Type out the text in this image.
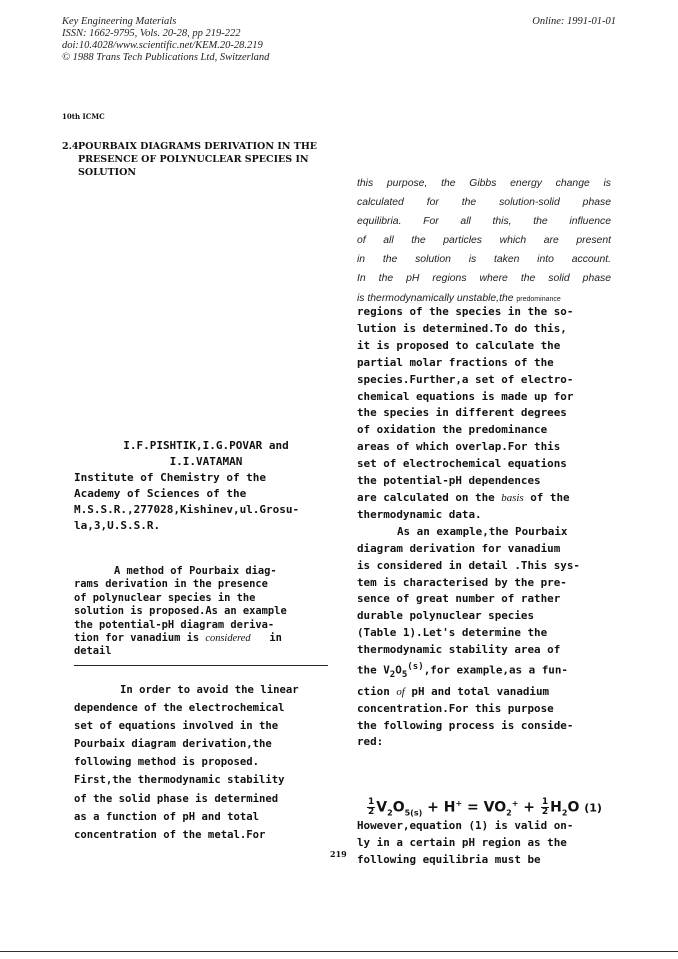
Key Engineering Materials
ISSN: 1662-9795, Vols. 20-28, pp 219-222
doi:10.4028/www.scientific.net/KEM.20-28.219
© 1988 Trans Tech Publications Ltd, Switzerland
Online: 1991-01-01
10th ICMC
2.4.POURBAIX DIAGRAMS DERIVATION IN THE
PRESENCE OF POLYNUCLEAR SPECIES IN
SOLUTION
I.F.PISHTIK,I.G.POVAR and
I.I.VATAMAN
Institute of Chemistry of the
Academy of Sciences of the
M.S.S.R.,277028,Kishinev,ul.Grosu-
la,3,U.S.S.R.
A method of Pourbaix diag-
rams derivation in the presence
of polynuclear species in the
solution is proposed.As an example
the potential-pH diagram deriva-
tion for vanadium is considered in
detail
In order to avoid the linear
dependence of the electrochemical
set of equations involved in the
Pourbaix diagram derivation,the
following method is proposed.
First,the thermodynamic stability
of the solid phase is determined
as a function of pH and total
concentration of the metal.For
this purpose, the Gibbs energy change is
calculated for the solution-solid phase
equilibria. For all this, the influence
of all the particles which are present
in the solution is taken into account.
In the pH regions where the solid phase
is thermodynamically unstable,the predominance
regions of the species in the so-
lution is determined.To do this,
it is proposed to calculate the
partial molar fractions of the
species.Further,a set of electro-
chemical equations is made up for
the species in different degrees
of oxidation the predominance
areas of which overlap.For this
set of electrochemical equations
the potential-pH dependences
are calculated on the basis of the
thermodynamic data.
As an example,the Pourbaix
diagram derivation for vanadium
is considered in detail .This sys-
tem is characterised by the pre-
sence of great number of rather
durable polynuclear species
(Table 1).Let's determine the
thermodynamic stability area of
the $V_2O_5^{(s)},for$ example,as a fun-
ction of pH and total vanadium
concentration.For this purpose
the following process is conside-
red:
$\frac{1}{2} V_2O_{5(s)} + H^+ = VO_2^+ + \frac{1}{2} H_2O$ (1)
However,equation (1) is valid on-
ly in a certain pH region as the
following equilibria must be
219
